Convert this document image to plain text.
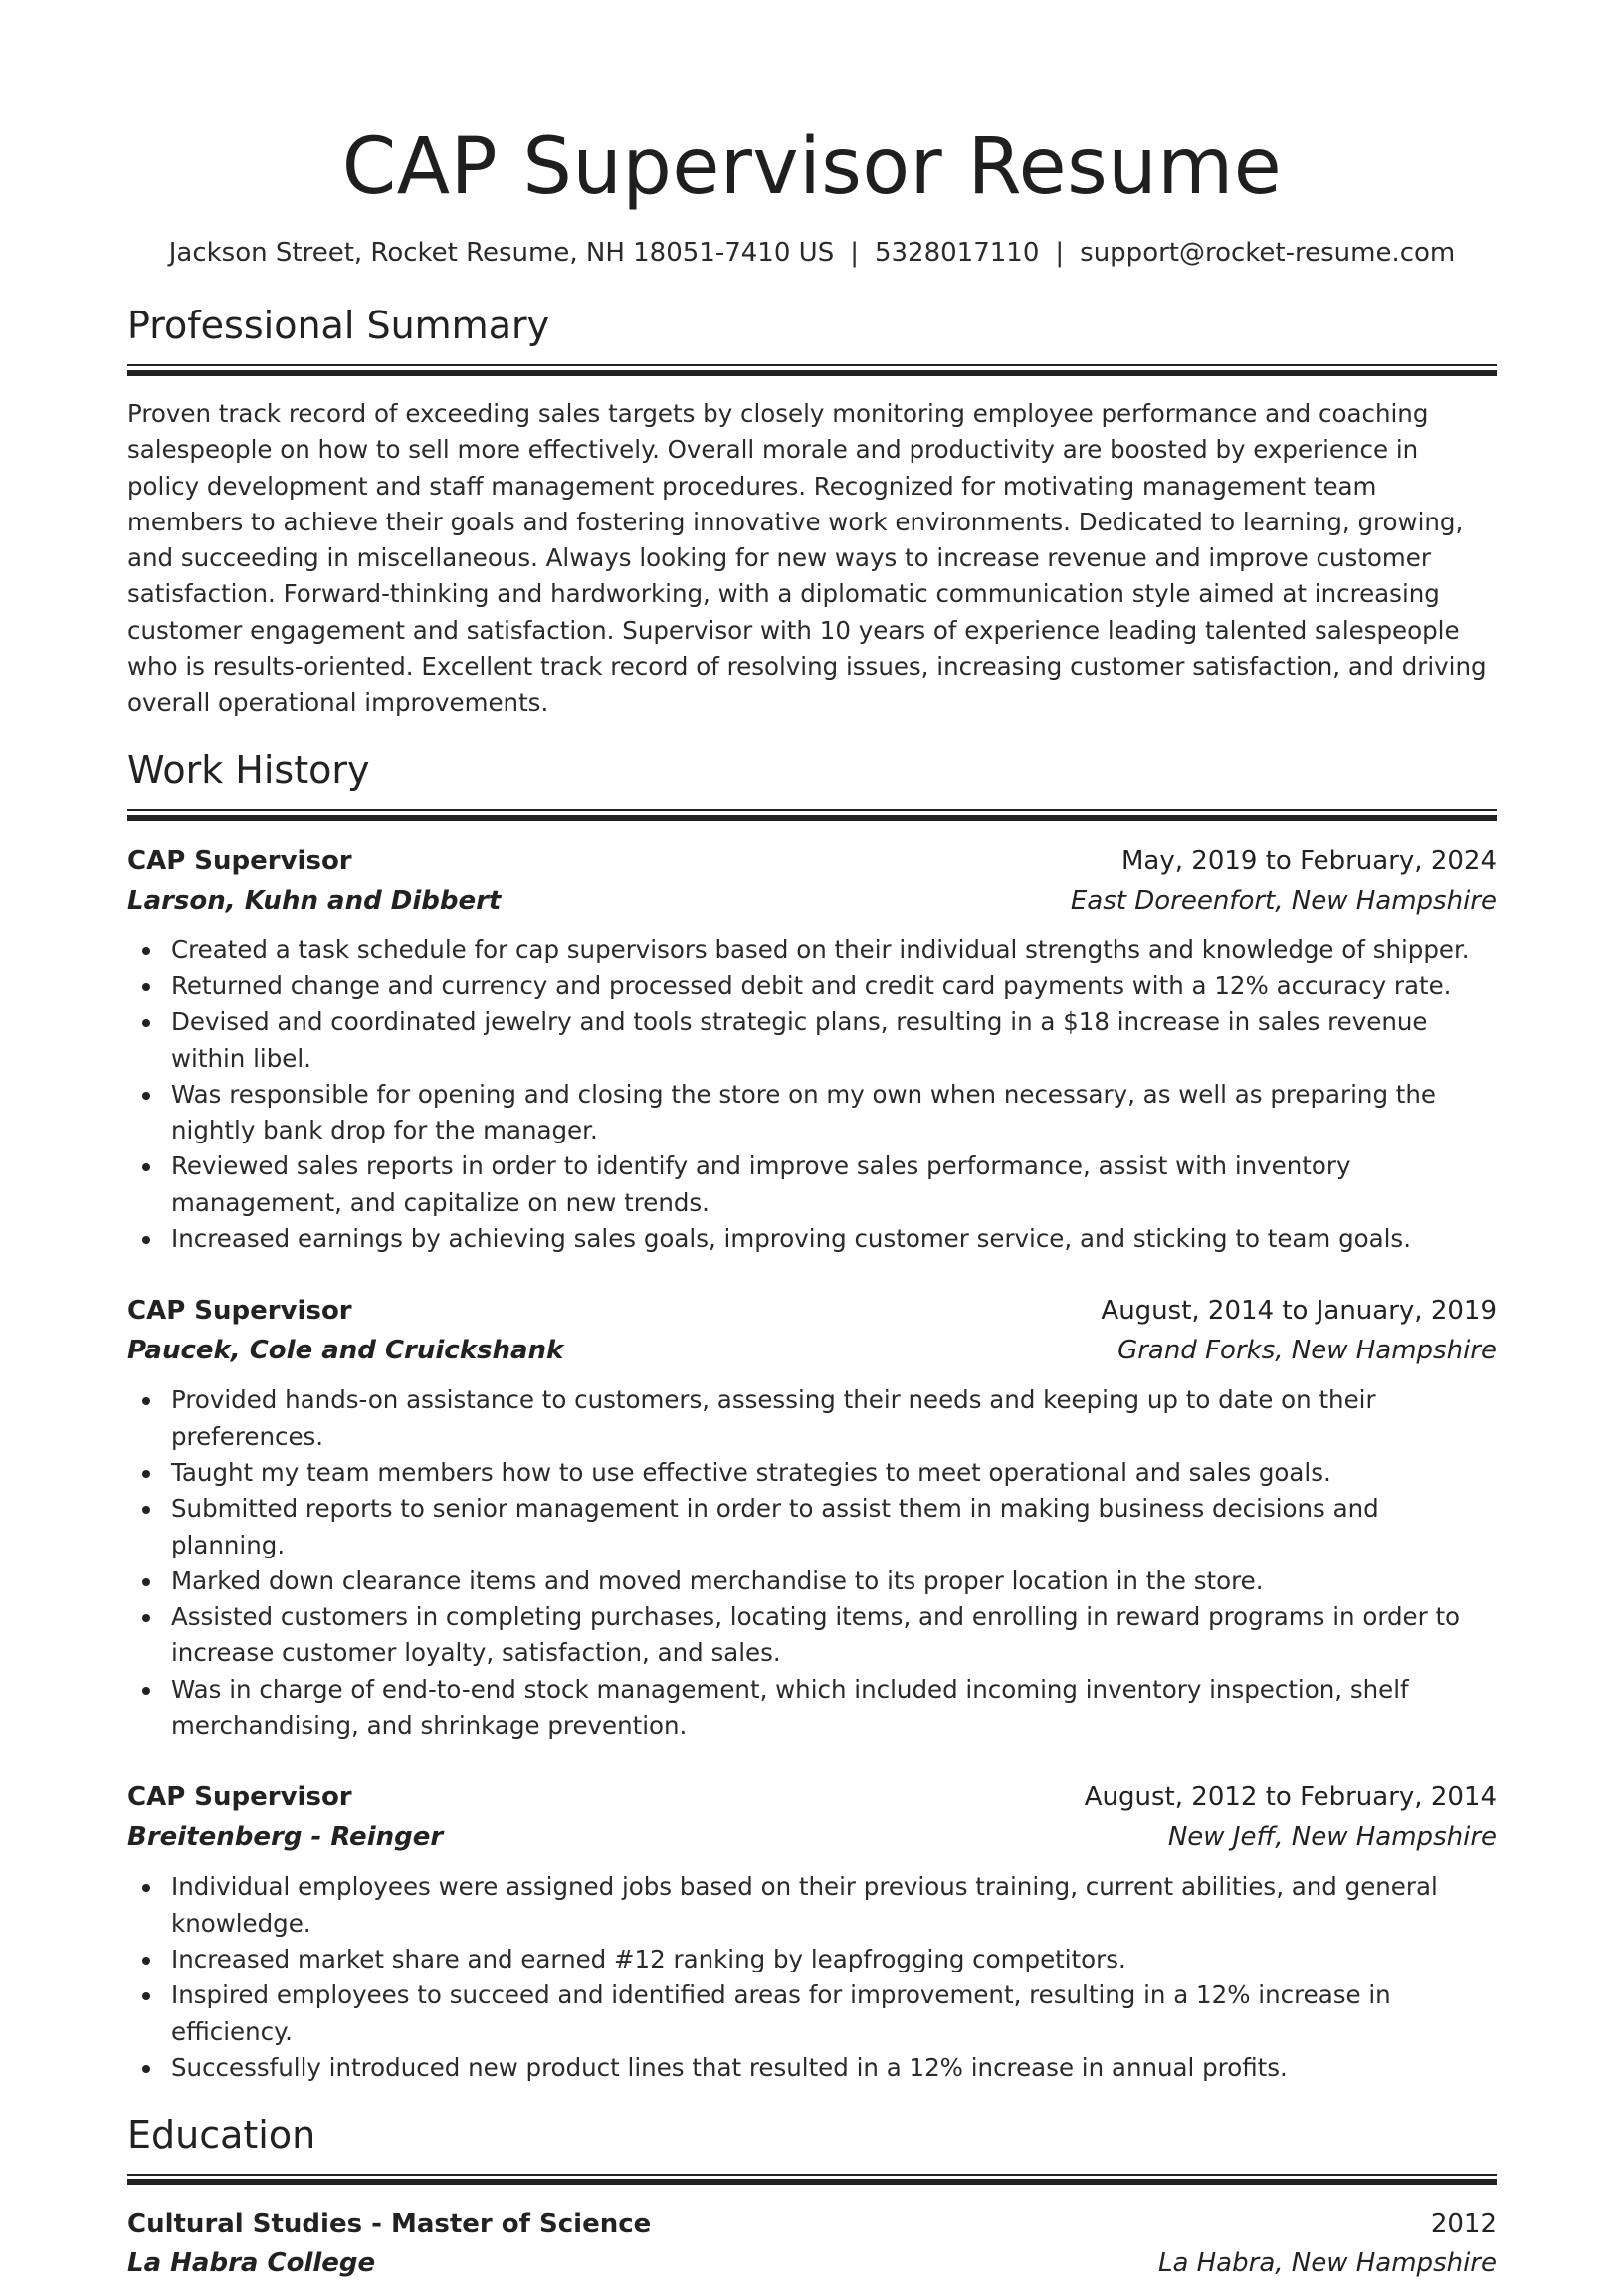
CAP Supervisor Resume
Jackson Street, Rocket Resume, NH 18051-7410 US | 5328017110 | support@rocket-resume.com
Professional Summary

Proven track record of exceeding sales targets by closely monitoring employee performance and coaching salespeople on how to sell more effectively. Overall morale and productivity are boosted by experience in policy development and staff management procedures. Recognized for motivating management team members to achieve their goals and fostering innovative work environments. Dedicated to learning, growing, and succeeding in miscellaneous. Always looking for new ways to increase revenue and improve customer satisfaction. Forward-thinking and hardworking, with a diplomatic communication style aimed at increasing customer engagement and satisfaction. Supervisor with 10 years of experience leading talented salespeople who is results-oriented. Excellent track record of resolving issues, increasing customer satisfaction, and driving overall operational improvements.

Work History
CAP Supervisor	May, 2019 to February, 2024
Larson, Kuhn and Dibbert	East Doreenfort, New Hampshire
Created a task schedule for cap supervisors based on their individual strengths and knowledge of shipper.
Returned change and currency and processed debit and credit card payments with a 12% accuracy rate.
Devised and coordinated jewelry and tools strategic plans, resulting in a $18 increase in sales revenue within libel.
Was responsible for opening and closing the store on my own when necessary, as well as preparing the nightly bank drop for the manager.
Reviewed sales reports in order to identify and improve sales performance, assist with inventory management, and capitalize on new trends.
Increased earnings by achieving sales goals, improving customer service, and sticking to team goals.
CAP Supervisor	August, 2014 to January, 2019
Paucek, Cole and Cruickshank	Grand Forks, New Hampshire
Provided hands-on assistance to customers, assessing their needs and keeping up to date on their preferences.
Taught my team members how to use effective strategies to meet operational and sales goals.
Submitted reports to senior management in order to assist them in making business decisions and planning.
Marked down clearance items and moved merchandise to its proper location in the store.
Assisted customers in completing purchases, locating items, and enrolling in reward programs in order to increase customer loyalty, satisfaction, and sales.
Was in charge of end-to-end stock management, which included incoming inventory inspection, shelf merchandising, and shrinkage prevention.
CAP Supervisor	August, 2012 to February, 2014
Breitenberg - Reinger	New Jeff, New Hampshire
Individual employees were assigned jobs based on their previous training, current abilities, and general knowledge.
Increased market share and earned #12 ranking by leapfrogging competitors.
Inspired employees to succeed and identified areas for improvement, resulting in a 12% increase in efficiency.
Successfully introduced new product lines that resulted in a 12% increase in annual profits.
Education
Cultural Studies - Master of Science	2012
La Habra College	La Habra, New Hampshire
